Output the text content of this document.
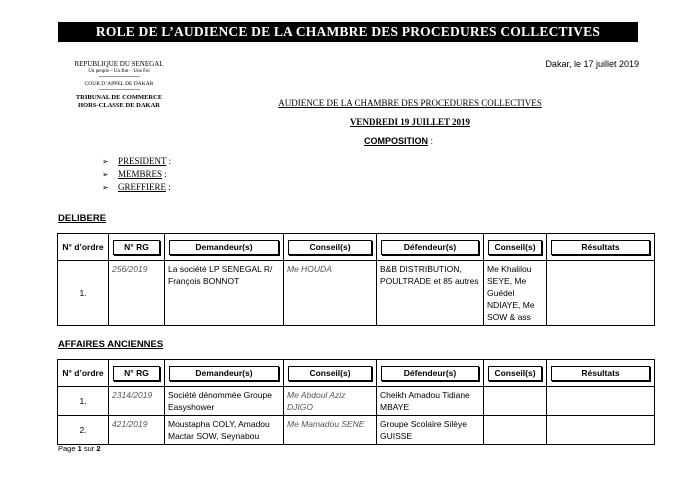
ROLE DE L’AUDIENCE DE LA CHAMBRE DES PROCEDURES COLLECTIVES
REPUBLIQUE DU SENEGAL
Un peuple – Un But – Une Foi
-----------------------------------
COUR D’APPEL DE DAKAR
-----------------------------------
TRIBUNAL DE COMMERCE
HORS-CLASSE DE DAKAR
Dakar, le 17 juillet 2019
AUDIENCE DE LA CHAMBRE DES PROCEDURES COLLECTIVES
VENDREDI 19 JUILLET 2019
COMPOSITION :
➢ PRESIDENT :
➢ MEMBRES :
➢ GREFFIERE :
DELIBERE
N° d’ordre	N° RG	Demandeur(s)	Conseil(s)	Défendeur(s)	Conseil(s)	Résultats

1.	256/2019	La société LP SENEGAL R/ François BONNOT	Me HOUDA	B&B DISTRIBUTION, POULTRADE et 85 autres	Me Khalilou SEYE, Me Guédel NDIAYE, Me SOW & ass	
AFFAIRES ANCIENNES
N° d’ordre	N° RG	Demandeur(s)	Conseil(s)	Défendeur(s)	Conseil(s)	Résultats

1.	2314/2019	Société dénommée Groupe Easyshower	Me Abdoul Aziz DJIGO	Cheikh Amadou Tidiane MBAYE		
2.	421/2019	Moustapha COLY, Amadou Mactar SOW, Seynabou	Me Mamadou SENE	Groupe Scolaire Silèye GUISSE		
Page 1 sur 2
